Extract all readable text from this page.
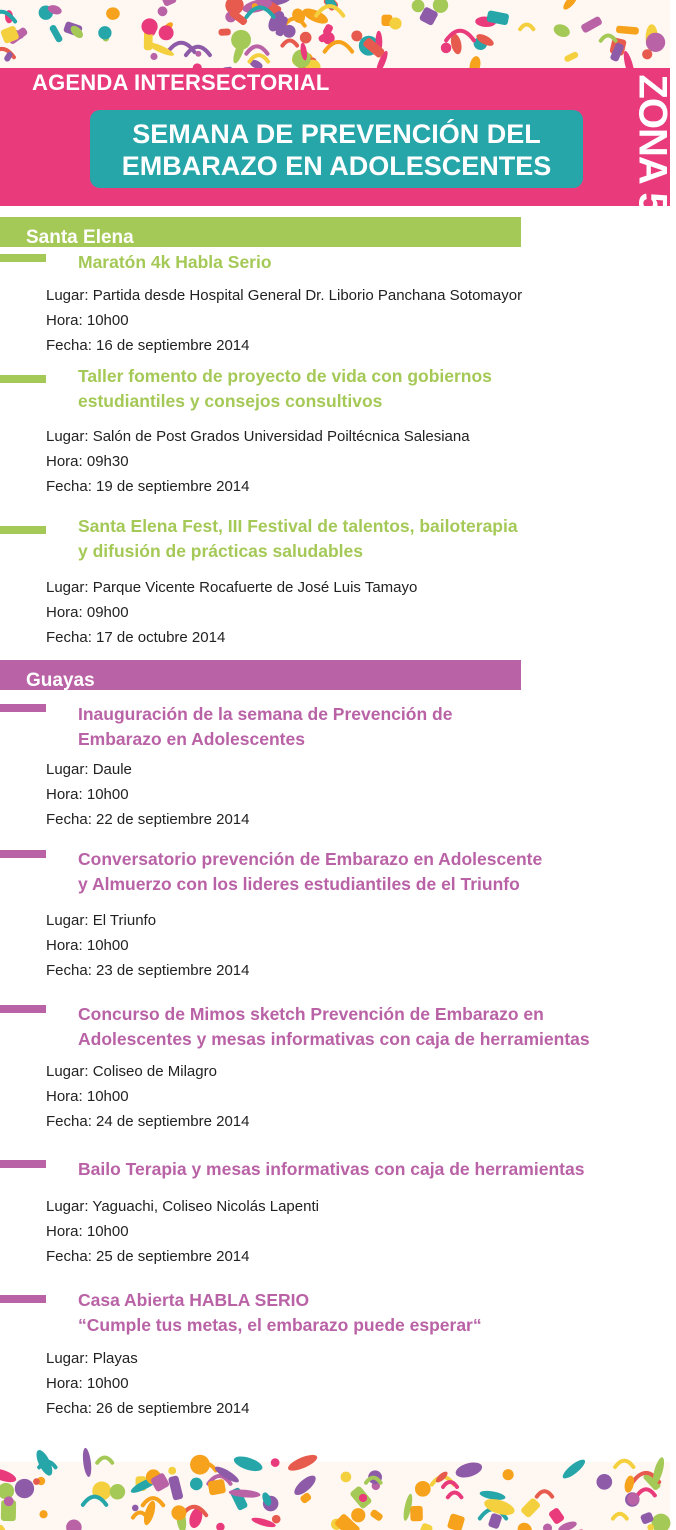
AGENDA INTERSECTORIAL
SEMANA DE PREVENCIÓN DEL
EMBARAZO EN ADOLESCENTES	ZONA 5
Santa Elena
Maratón 4k Habla Serio
Lugar: Partida desde Hospital General Dr. Liborio Panchana Sotomayor
Hora: 10h00
Fecha: 16 de septiembre 2014
Taller fomento de proyecto de vida con gobiernos
estudiantiles y consejos consultivos
Lugar: Salón de Post Grados Universidad Poiltécnica Salesiana
Hora: 09h30
Fecha: 19 de septiembre 2014
Santa Elena Fest, III Festival de talentos, bailoterapia
y difusión de prácticas saludables
Lugar: Parque Vicente Rocafuerte de José Luis Tamayo
Hora: 09h00
Fecha: 17 de octubre 2014
Guayas
Inauguración de la semana de Prevención de
Embarazo en Adolescentes
Lugar: Daule
Hora: 10h00
Fecha: 22 de septiembre 2014
Conversatorio prevención de Embarazo en Adolescente
y Almuerzo con los lideres estudiantiles de el Triunfo
Lugar: El Triunfo
Hora: 10h00
Fecha: 23 de septiembre 2014
Concurso de Mimos sketch Prevención de Embarazo en
Adolescentes y mesas informativas con caja de herramientas
Lugar: Coliseo de Milagro
Hora: 10h00
Fecha: 24 de septiembre 2014
Bailo Terapia y mesas informativas con caja de herramientas
Lugar: Yaguachi, Coliseo Nicolás Lapenti
Hora: 10h00
Fecha: 25 de septiembre 2014
Casa Abierta HABLA SERIO
“Cumple tus metas, el embarazo puede esperar“
Lugar: Playas
Hora: 10h00
Fecha: 26 de septiembre 2014
